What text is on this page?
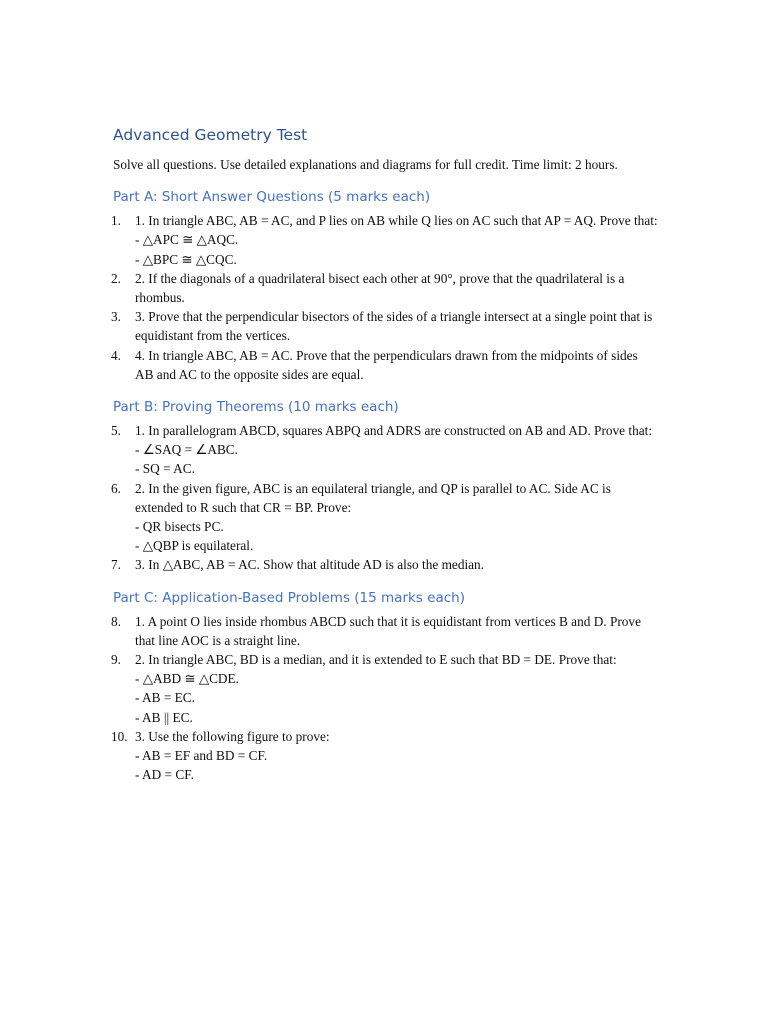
Advanced Geometry Test

Solve all questions. Use detailed explanations and diagrams for full credit. Time limit: 2 hours.

Part A: Short Answer Questions (5 marks each)
1. 1. In triangle ABC, AB = AC, and P lies on AB while Q lies on AC such that AP = AQ. Prove that:
- △APC ≅ △AQC.
- △BPC ≅ △CQC.
2. 2. If the diagonals of a quadrilateral bisect each other at 90°, prove that the quadrilateral is a rhombus.
3. 3. Prove that the perpendicular bisectors of the sides of a triangle intersect at a single point that is equidistant from the vertices.
4. 4. In triangle ABC, AB = AC. Prove that the perpendiculars drawn from the midpoints of sides AB and AC to the opposite sides are equal.
Part B: Proving Theorems (10 marks each)
5. 1. In parallelogram ABCD, squares ABPQ and ADRS are constructed on AB and AD. Prove that:
- ∠SAQ = ∠ABC.
- SQ = AC.
6. 2. In the given figure, ABC is an equilateral triangle, and QP is parallel to AC. Side AC is extended to R such that CR = BP. Prove:
- QR bisects PC.
- △QBP is equilateral.
7. 3. In △ABC, AB = AC. Show that altitude AD is also the median.
Part C: Application-Based Problems (15 marks each)
8. 1. A point O lies inside rhombus ABCD such that it is equidistant from vertices B and D. Prove that line AOC is a straight line.
9. 2. In triangle ABC, BD is a median, and it is extended to E such that BD = DE. Prove that:
- △ABD ≅ △CDE.
- AB = EC.
- AB || EC.
10. 3. Use the following figure to prove:
- AB = EF and BD = CF.
- AD = CF.
